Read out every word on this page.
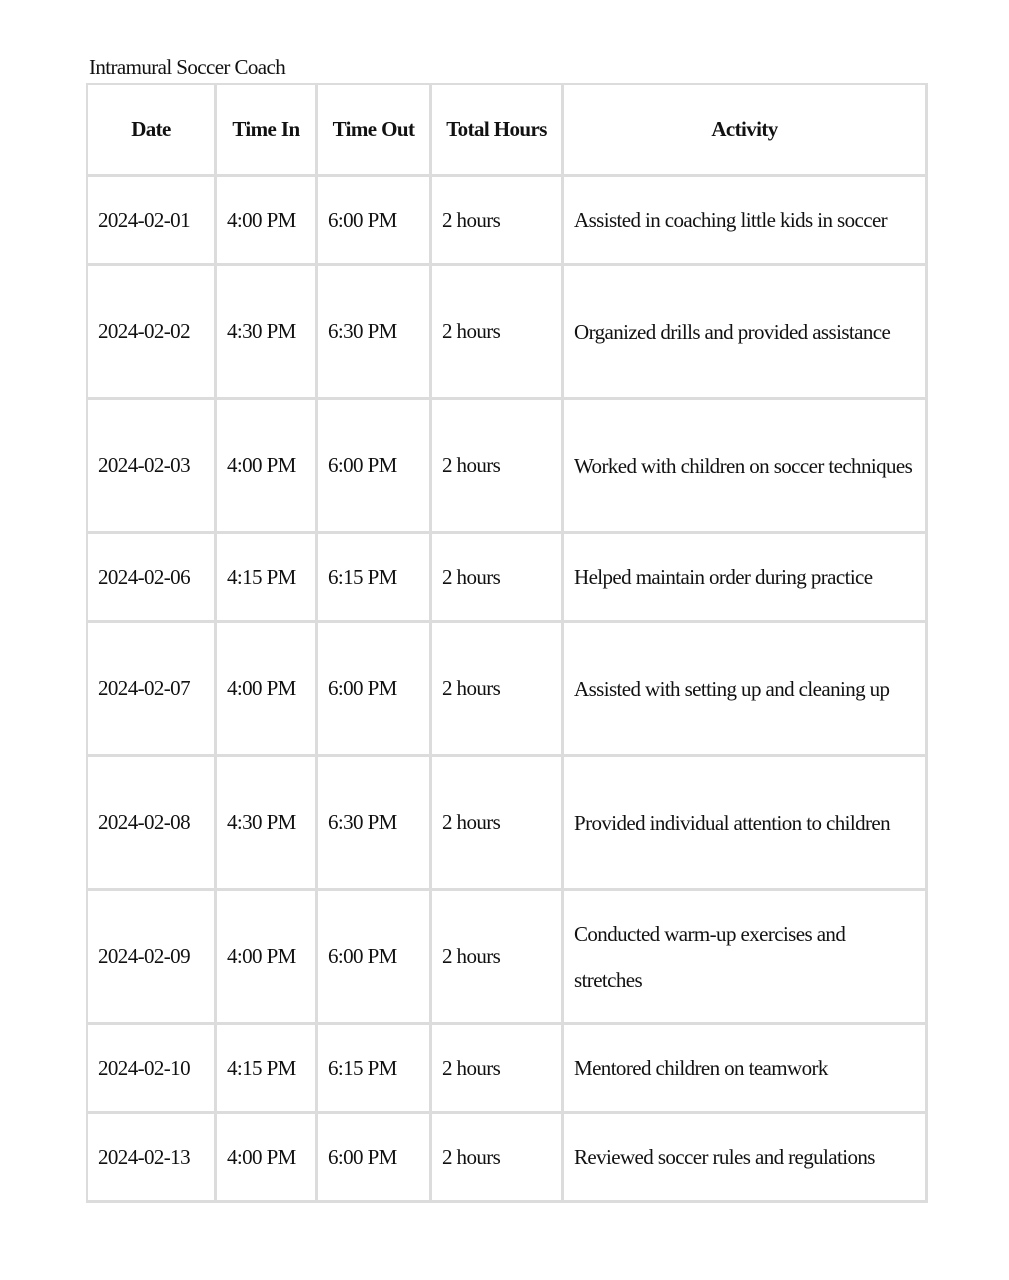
Intramural Soccer Coach
Date	Time In	Time Out	Total Hours	Activity
2024-02-01	4:00 PM	6:00 PM	2 hours	Assisted in coaching little kids in soccer
2024-02-02	4:30 PM	6:30 PM	2 hours	Organized drills and provided assistance
2024-02-03	4:00 PM	6:00 PM	2 hours	Worked with children on soccer techniques
2024-02-06	4:15 PM	6:15 PM	2 hours	Helped maintain order during practice
2024-02-07	4:00 PM	6:00 PM	2 hours	Assisted with setting up and cleaning up
2024-02-08	4:30 PM	6:30 PM	2 hours	Provided individual attention to children
2024-02-09	4:00 PM	6:00 PM	2 hours	Conducted warm-up exercises and stretches
2024-02-10	4:15 PM	6:15 PM	2 hours	Mentored children on teamwork
2024-02-13	4:00 PM	6:00 PM	2 hours	Reviewed soccer rules and regulations
